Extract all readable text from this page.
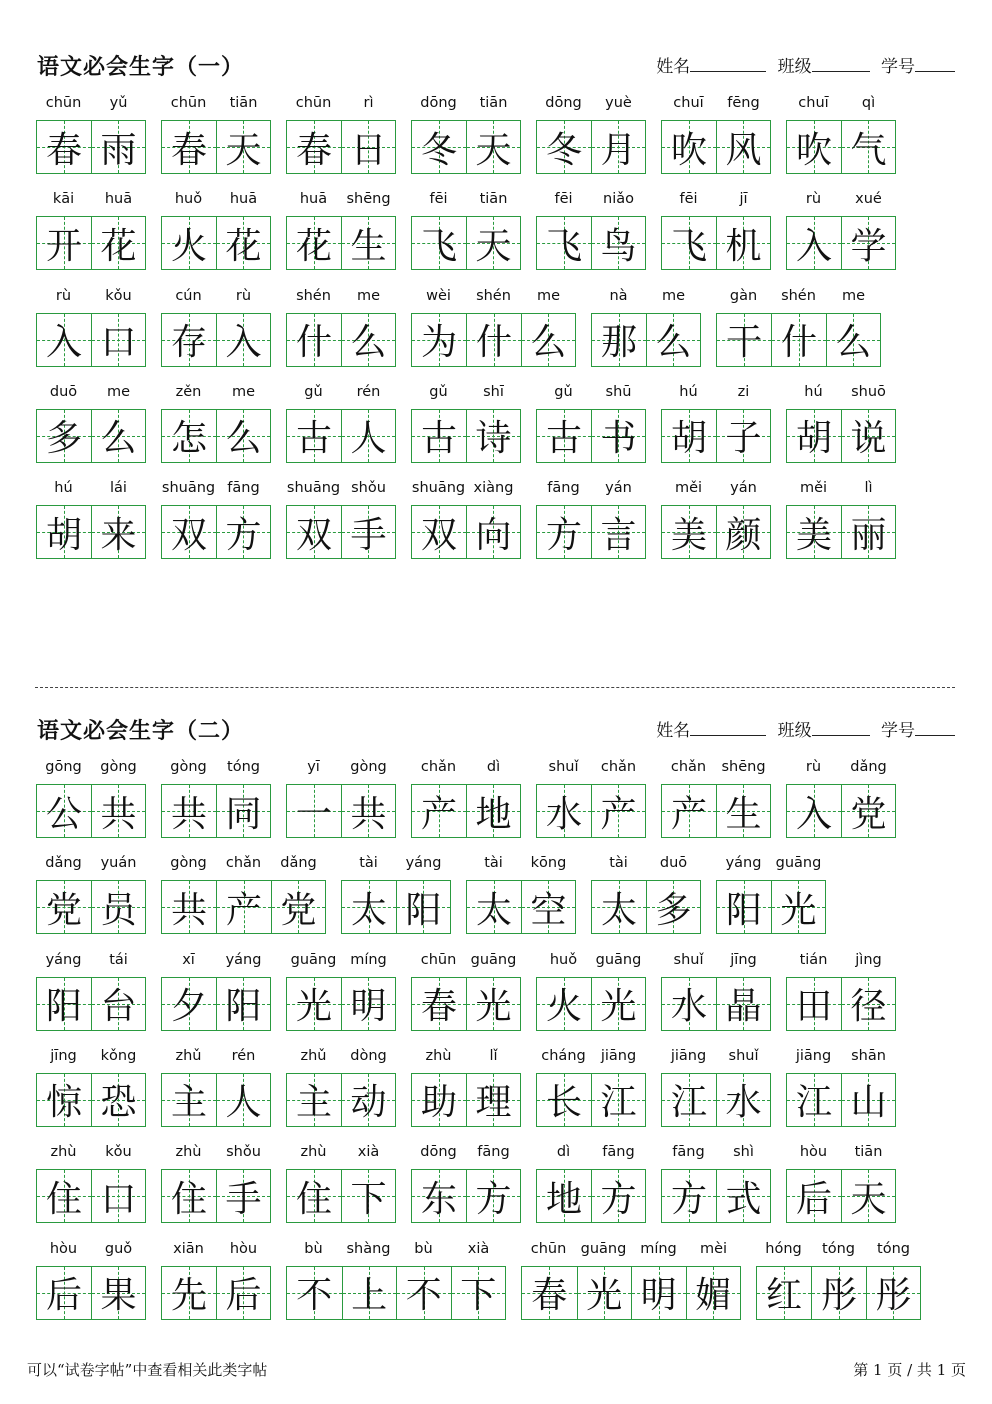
语文必会生字（一）	姓名	班级	学号
chūn	yǔ
春 雨
chūn	tiān
春 天
chūn	rì
春 日
dōng	tiān
冬 天
dōng	yuè
冬 月
chuī	fēng
吹 风
chuī	qì
吹 气
kāi	huā
开 花
huǒ	huā
火 花
huā	shēng
花 生
fēi	tiān
飞 天
fēi	niǎo
飞 鸟
fēi	jī
飞 机
rù	xué
入 学
rù	kǒu
入 口
cún	rù
存 入
shén	me
什 么
wèi	shén	me
为 什 么
nà	me
那 么
gàn	shén	me
干 什 么
duō	me
多 么
zěn	me
怎 么
gǔ	rén
古 人
gǔ	shī
古 诗
gǔ	shū
古 书
hú	zi
胡 子
hú	shuō
胡 说
hú	lái
胡 来
shuāng fāng
双 方
shuāng shǒu
双 手
shuāng xiàng
双 向
fāng	yán
方 言
měi	yán
美 颜
měi	lì
美 丽
语文必会生字（二）	姓名	班级	学号
gōng	gòng
公 共
gòng	tóng
共 同
yī	gòng
一 共
chǎn	dì
产 地
shuǐ	chǎn
水 产
chǎn	shēng
产 生
rù	dǎng
入 党
dǎng	yuán
党 员
gòng	chǎn	dǎng
共 产 党
tài	yáng
太 阳
tài	kōng
太 空
tài	duō
太 多
yáng guāng
阳 光
yáng	tái
阳 台
xī	yáng
夕 阳
guāng míng
光 明
chūn guāng
春 光
huǒ	guāng
火 光
shuǐ	jīng
水 晶
tián	jìng
田 径
jīng	kǒng
惊 恐
zhǔ	rén
主 人
zhǔ	dòng
主 动
zhù	lǐ
助 理
cháng	jiāng
长 江
jiāng	shuǐ
江 水
jiāng	shān
江 山
zhù	kǒu
住 口
zhù	shǒu
住 手
zhù	xià
住 下
dōng	fāng
东 方
dì	fāng
地 方
fāng	shì
方 式
hòu	tiān
后 天
hòu	guǒ
后 果
xiān	hòu
先 后
bù	shàng	bù	xià
不 上 不 下
chūn guāng míng	mèi
春 光 明 媚
hóng	tóng	tóng
红 彤 彤
可以“试卷字帖”中查看相关此类字帖	第 1 页 / 共 1 页
